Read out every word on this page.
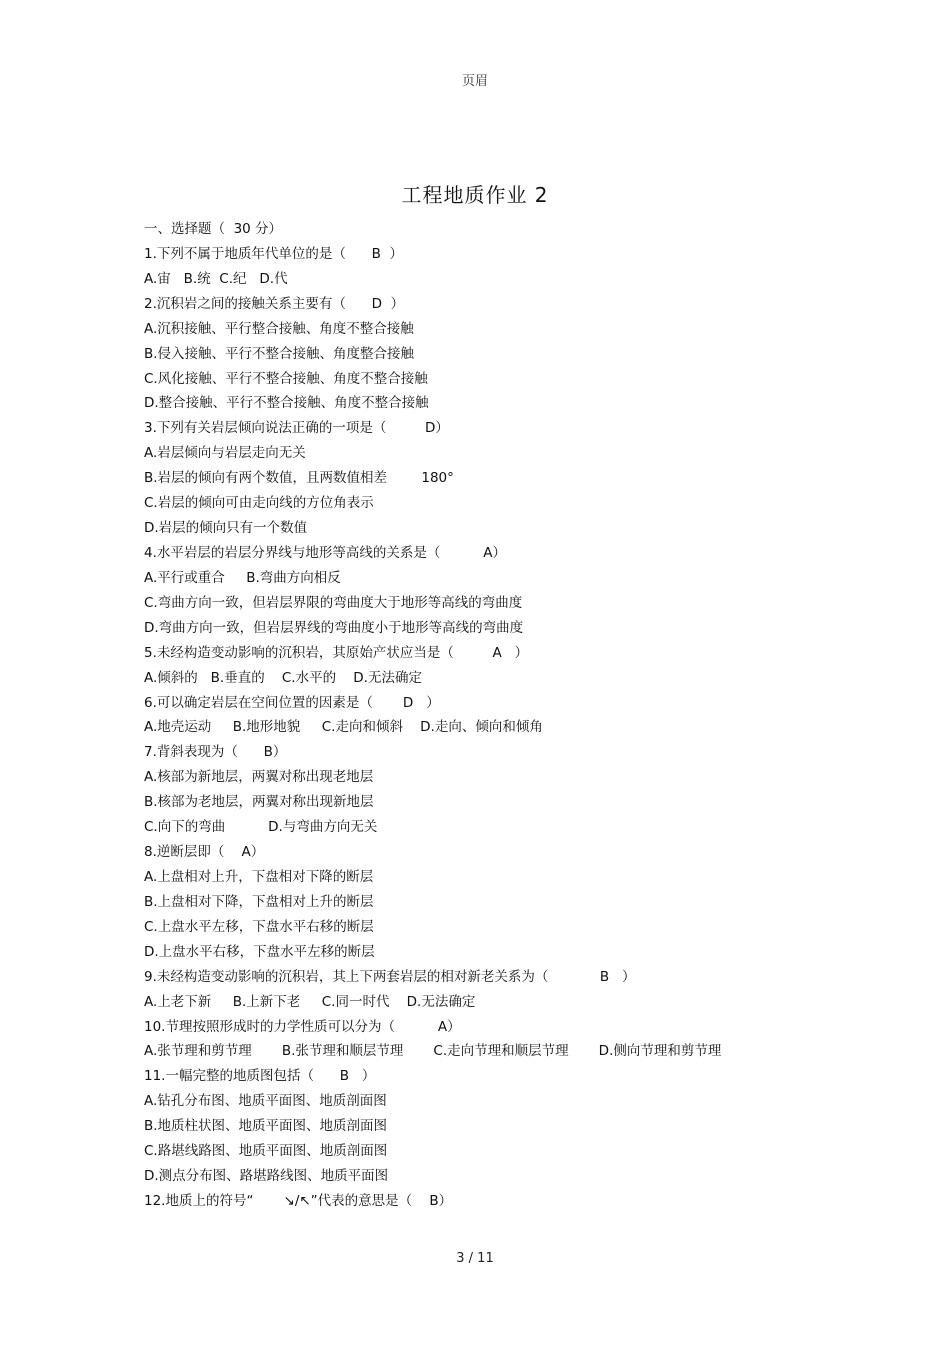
页眉
工程地质作业 2
一、选择题（  30 分）
1.下列不属于地质年代单位的是（      B  ）
A.宙   B.统  C.纪   D.代
2.沉积岩之间的接触关系主要有（      D  ）
A.沉积接触、平行整合接触、角度不整合接触
B.侵入接触、平行不整合接触、角度整合接触
C.风化接触、平行不整合接触、角度不整合接触
D.整合接触、平行不整合接触、角度不整合接触
3.下列有关岩层倾向说法正确的一项是（         D）
A.岩层倾向与岩层走向无关
B.岩层的倾向有两个数值，且两数值相差        180°
C.岩层的倾向可由走向线的方位角表示
D.岩层的倾向只有一个数值
4.水平岩层的岩层分界线与地形等高线的关系是（          A）
A.平行或重合     B.弯曲方向相反
C.弯曲方向一致，但岩层界限的弯曲度大于地形等高线的弯曲度
D.弯曲方向一致，但岩层界线的弯曲度小于地形等高线的弯曲度
5.未经构造变动影响的沉积岩，其原始产状应当是（         A   ）
A.倾斜的   B.垂直的    C.水平的    D.无法确定
6.可以确定岩层在空间位置的因素是（       D   ）
A.地壳运动     B.地形地貌     C.走向和倾斜    D.走向、倾向和倾角
7.背斜表现为（      B）
A.核部为新地层，两翼对称出现老地层
B.核部为老地层，两翼对称出现新地层
C.向下的弯曲          D.与弯曲方向无关
8.逆断层即（    A）
A.上盘相对上升，下盘相对下降的断层
B.上盘相对下降，下盘相对上升的断层
C.上盘水平左移，下盘水平右移的断层
D.上盘水平右移，下盘水平左移的断层
9.未经构造变动影响的沉积岩，其上下两套岩层的相对新老关系为（            B   ）
A.上老下新     B.上新下老     C.同一时代    D.无法确定
10.节理按照形成时的力学性质可以分为（          A）
A.张节理和剪节理       B.张节理和顺层节理       C.走向节理和顺层节理       D.侧向节理和剪节理
11.一幅完整的地质图包括（      B   ）
A.钻孔分布图、地质平面图、地质剖面图
B.地质柱状图、地质平面图、地质剖面图
C.路堪线路图、地质平面图、地质剖面图
D.测点分布图、路堪路线图、地质平面图
12.地质上的符号“       ↘/↖”代表的意思是（    B）
3 / 11
